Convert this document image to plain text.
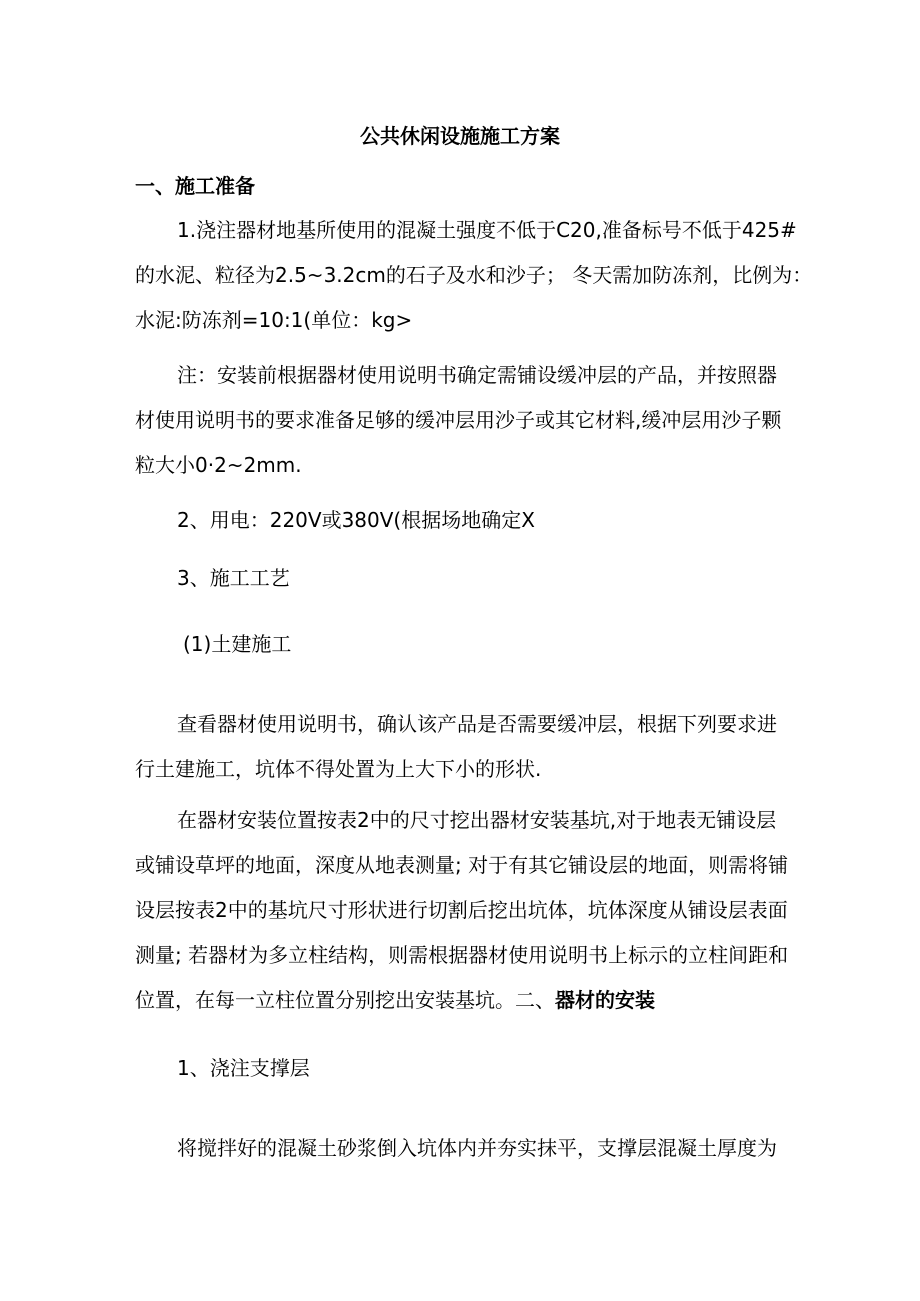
公共休闲设施施工方案
一、施工准备

1.浇注器材地基所使用的混凝土强度不低于C20,准备标号不低于425#
的水泥、粒径为2.5~3.2cm的石子及水和沙子； 冬天需加防冻剂，比例为：
水泥:防冻剂=10:1(单位：kg>

注：安装前根据器材使用说明书确定需铺设缓冲层的产品，并按照器
材使用说明书的要求准备足够的缓冲层用沙子或其它材料,缓冲层用沙子颗
粒大小0·2~2mm.

2、用电：220V或380V(根据场地确定X

3、施工工艺

(1)土建施工

查看器材使用说明书，确认该产品是否需要缓冲层，根据下列要求进
行土建施工，坑体不得处置为上大下小的形状.

在器材安装位置按表2中的尺寸挖出器材安装基坑,对于地表无铺设层
或铺设草坪的地面，深度从地表测量; 对于有其它铺设层的地面，则需将铺
设层按表2中的基坑尺寸形状进行切割后挖出坑体，坑体深度从铺设层表面
测量; 若器材为多立柱结构，则需根据器材使用说明书上标示的立柱间距和
位置，在每一立柱位置分别挖出安装基坑。二、器材的安装

1、浇注支撑层

将搅拌好的混凝土砂浆倒入坑体内并夯实抹平，支撑层混凝土厚度为
